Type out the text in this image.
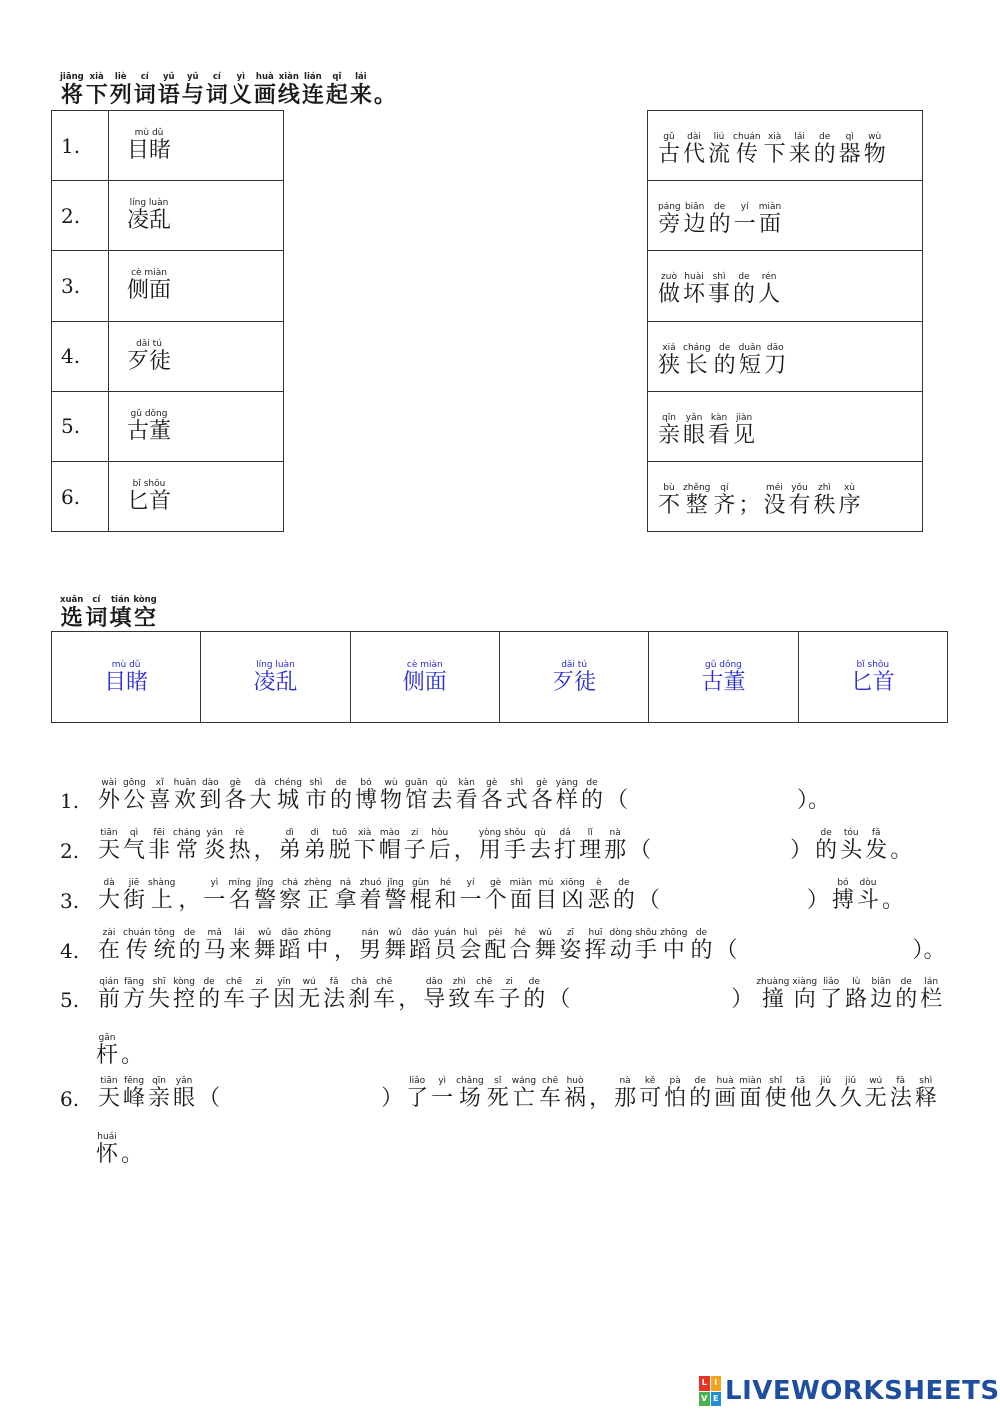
jiāng
将
xià
下
liè
列
cí
词
yǔ
语
yǔ
与
cí
词
yì
义
huà
画
xiàn
线
lián
连
qǐ
起
lái
来 。
1.	mù dǔ
目睹

2.	líng luàn
凌乱

3.	cè miàn
侧面

4.	dǎi tú
歹徒

5.	gǔ dǒng
古董

6.	bǐ shǒu
匕首
gǔ
古
dài
代
liú
流
chuán
传
xià
下
lái
来
de
的
qì
器
wù
物

páng
旁
biān
边
de
的
yí
一
miàn
面

zuò
做
huài
坏
shì
事
de
的
rén
人

xiá
狭
cháng
长
de
的
duǎn
短
dāo
刀

qīn
亲
yǎn
眼
kàn
看
jiàn
见

bù
不
zhěng
整
qí
齐 ；
méi
没
yǒu
有
zhì
秩
xù
序
xuǎn
选
cí
词
tián
填
kòng
空
mù dǔ
目睹

líng luàn
凌乱

cè miàn
侧面

dǎi tú
歹徒

gǔ dǒng
古董

bǐ shǒu
匕首
1.
wài
外
gōng
公
xǐ
喜
huān
欢
dào
到
gè
各
dà
大
chéng
城
shì
市
de
的
bó
博
wù
物
guǎn
馆
qù
去
kàn
看
gè
各
shì
式
gè
各
yàng
样
de
的 （	）。
2.
tiān
天
qì
气
fēi
非
cháng
常
yán
炎
rè
热 ，
dì
弟
di
弟
tuō
脱
xià
下
mào
帽
zi
子
hòu
后 ，
yòng
用
shǒu
手
qù
去
dǎ
打
lǐ
理
nà
那 （	）
de
的
tóu
头
fǎ
发 。
3.
dà
大
jiē
街
shàng
上 ，
yì
一
míng
名
jǐng
警
chá
察
zhèng
正
ná
拿
zhuó
着
jǐng
警
gùn
棍
hé
和
yí
一
gè
个
miàn
面
mù
目
xiōng
凶
è
恶
de
的 （	）
bó
搏
dòu
斗 。
4.
zài
在
chuán
传
tǒng
统
de
的
mǎ
马
lái
来
wǔ
舞
dǎo
蹈
zhōng
中 ，
nán
男
wǔ
舞
dǎo
蹈
yuán
员
huì
会
pèi
配
hé
合
wǔ
舞
zī
姿
huī
挥
dòng
动
shǒu
手
zhōng
中
de
的 （	）。
5.
qián
前
fāng
方
shī
失
kòng
控
de
的
chē
车
zi
子
yīn
因
wú
无
fǎ
法
chà
刹
chē
车 ，
dǎo
导
zhì
致
chē
车
zi
子
de
的 （	）
zhuàng
撞
xiàng
向
liǎo
了
lù
路
biān
边
de
的
lán
栏
gān
杆 。
6.
tiān
天
fēng
峰
qīn
亲
yǎn
眼 （	）
liǎo
了
yì
一
chǎng
场
sǐ
死
wáng
亡
chē
车
huò
祸 ，
nà
那
kě
可
pà
怕
de
的
huà
画
miàn
面
shǐ
使
tā
他
jiǔ
久
jiǔ
久
wú
无
fǎ
法
shì
释
huái
怀 。
L I
V E LIVEWORKSHEETS
